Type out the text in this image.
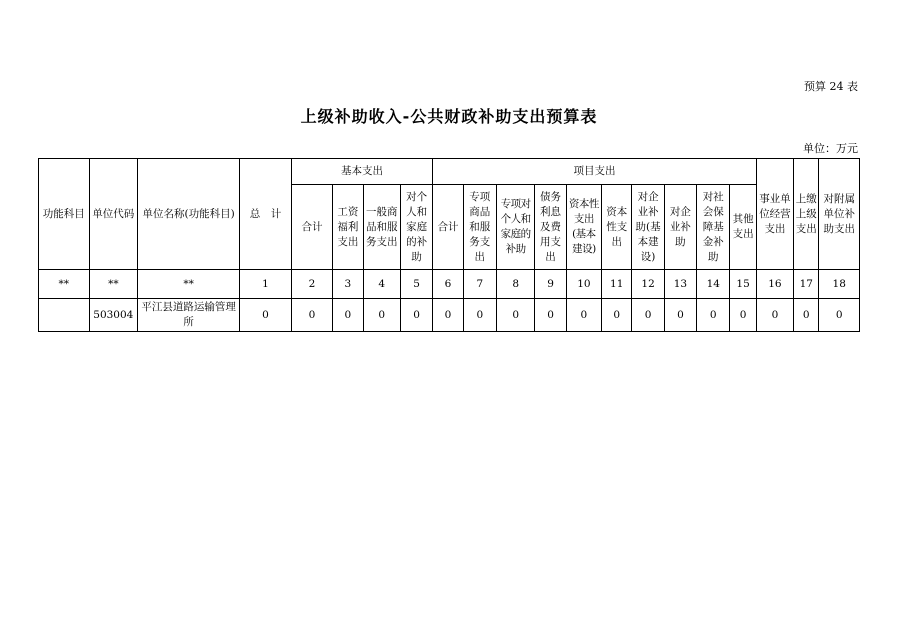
预算 24 表
上级补助收入-公共财政补助支出预算表
单位：万元
功能科目	单位代码	单位名称(功能科目)	总　计	基本支出				项目支出										事业单位经营支出	上缴上级支出	对附属单位补助支出
				合计	工资福利支出	一般商品和服务支出	对个人和家庭的补助	合计	专项商品和服务支出	专项对个人和家庭的补助	债务利息及费用支出	资本性支出(基本建设)	资本性支出	对企业补助(基本建设)	对企业补助	对社会保障基金补助	其他支出			
**	**	**	1	2	3	4	5	6	7	8	9	10	11	12	13	14	15	16	17	18
	503004	平江县道路运输管理所	0	0	0	0	0	0	0	0	0	0	0	0	0	0	0	0	0	0
